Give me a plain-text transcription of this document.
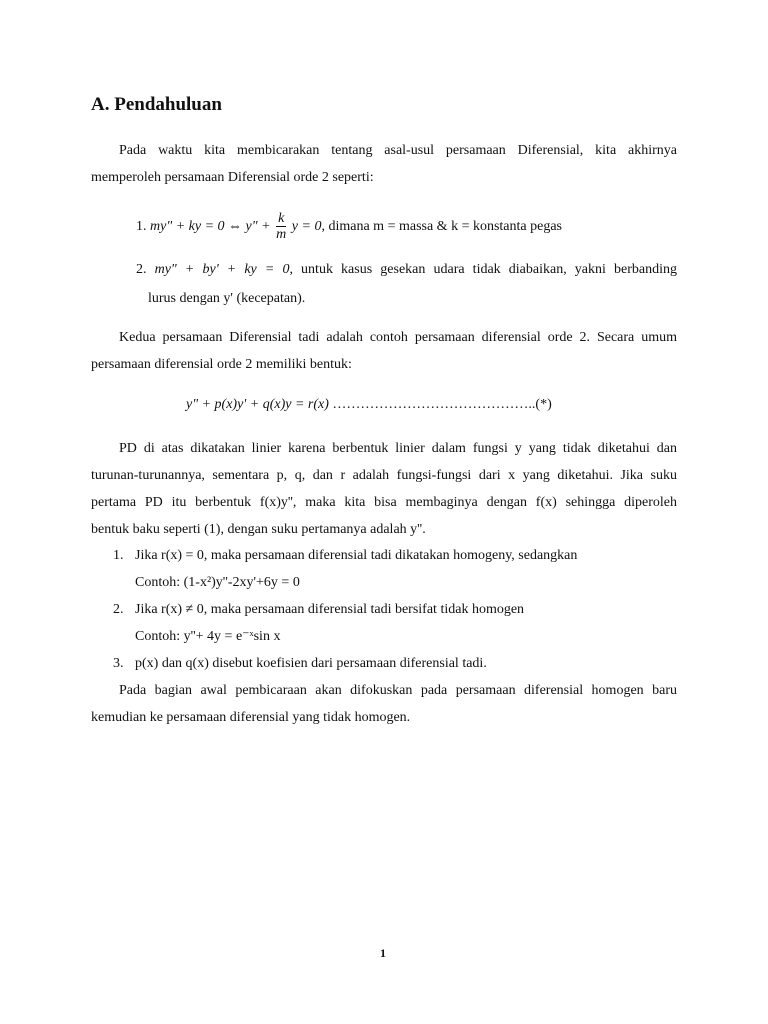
A. Pendahuluan
Pada waktu kita membicarakan tentang asal-usul persamaan Diferensial, kita akhirnya
memperoleh persamaan Diferensial orde 2 seperti:
1. my" + ky = 0 ⇔ y" + $\frac{k}{m}$ y = 0, dimana m = massa & k = konstanta pegas
2. my" + by' + ky = 0, untuk kasus gesekan udara tidak diabaikan, yakni berbanding
lurus dengan y' (kecepatan).
Kedua persamaan Diferensial tadi adalah contoh persamaan diferensial orde 2. Secara umum
persamaan diferensial orde 2 memiliki bentuk:
y" + p(x)y' + q(x)y = r(x) ……………………………………..(*)
PD di atas dikatakan linier karena berbentuk linier dalam fungsi y yang tidak diketahui dan
turunan-turunannya, sementara p, q, dan r adalah fungsi-fungsi dari x yang diketahui. Jika suku
pertama PD itu berbentuk f(x)y'', maka kita bisa membaginya dengan f(x) sehingga diperoleh
bentuk baku seperti (1), dengan suku pertamanya adalah y''.
1. Jika r(x) = 0, maka persamaan diferensial tadi dikatakan homogeny, sedangkan
Contoh: (1-x²)y''-2xy'+6y = 0
2. Jika r(x) ≠ 0, maka persamaan diferensial tadi bersifat tidak homogen
Contoh: y''+ 4y = e⁻ˣsin x
3. p(x) dan q(x) disebut koefisien dari persamaan diferensial tadi.
Pada bagian awal pembicaraan akan difokuskan pada persamaan diferensial homogen baru
kemudian ke persamaan diferensial yang tidak homogen.
1
